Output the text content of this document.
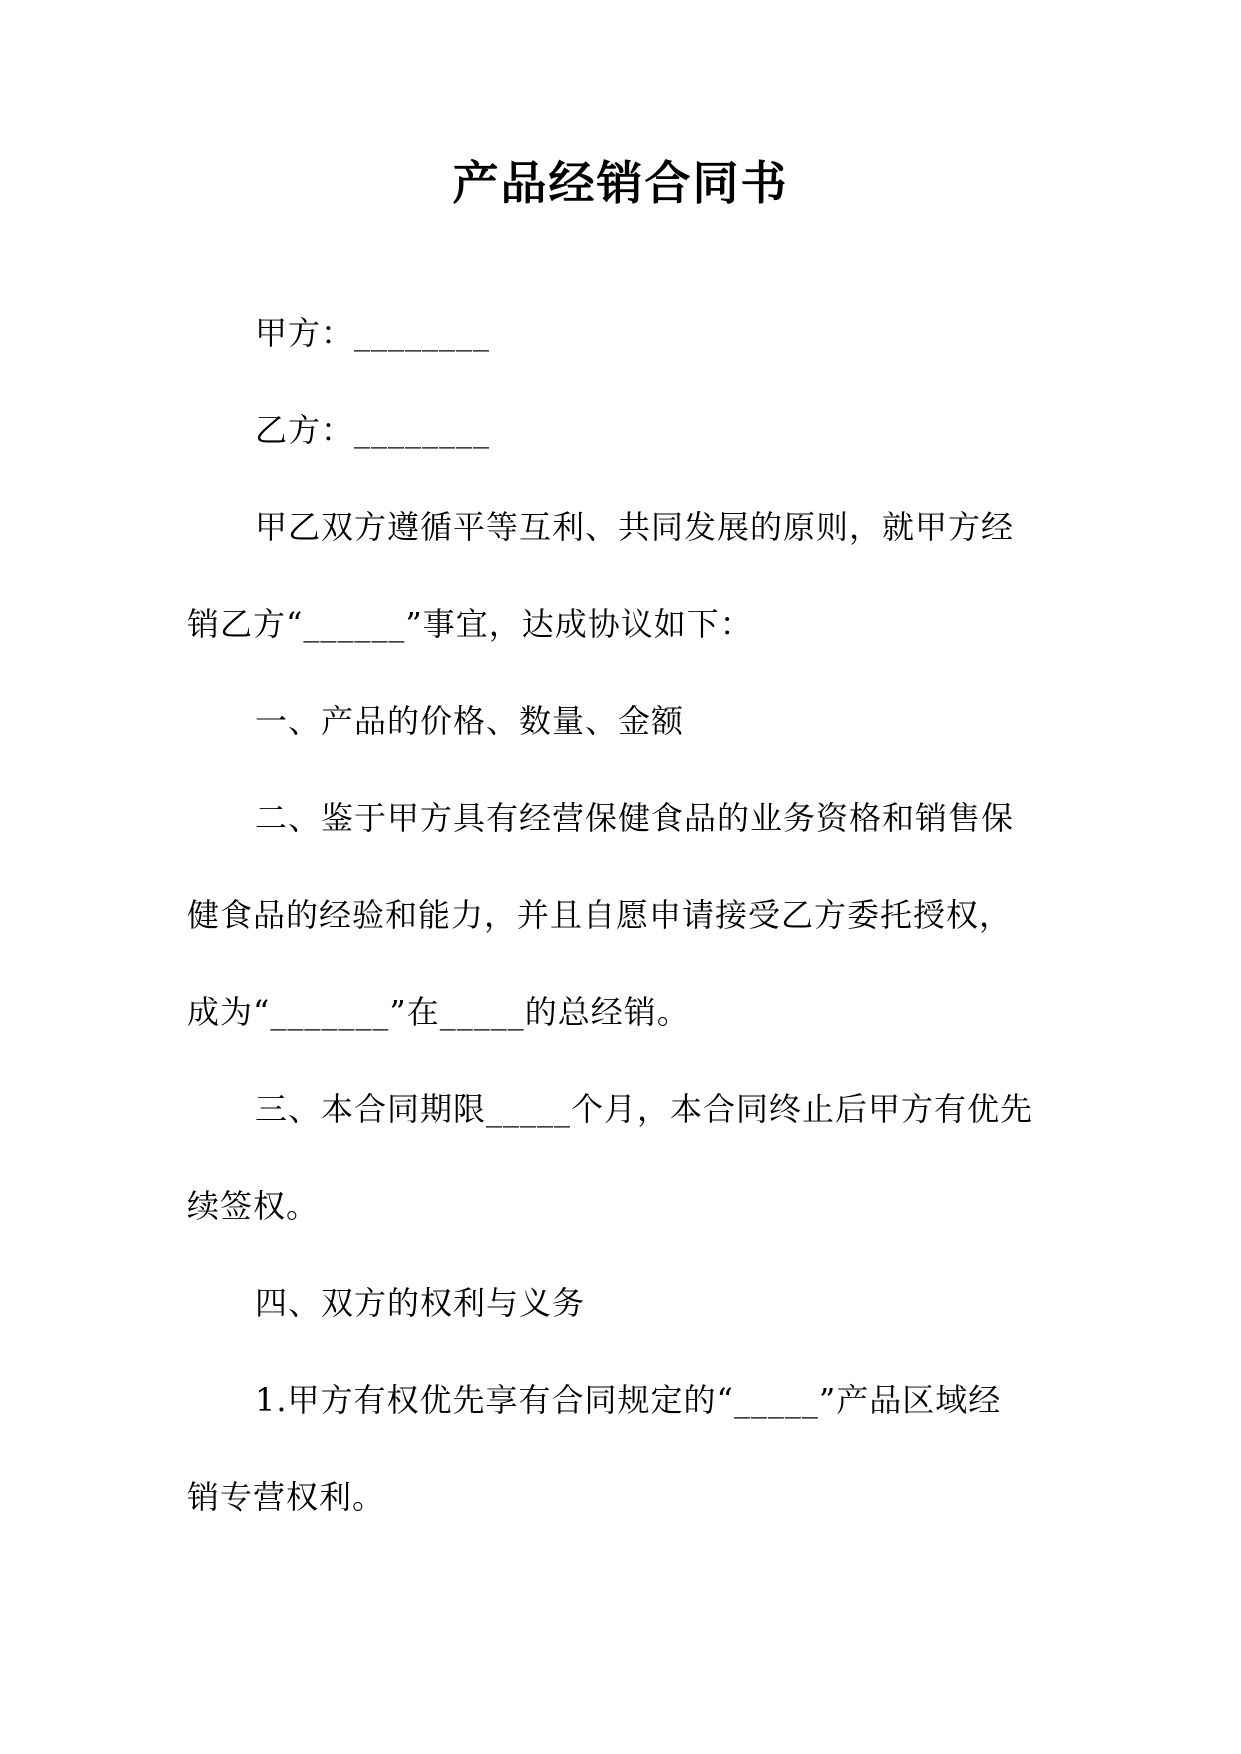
产品经销合同书
甲方：________
乙方：________
甲乙双方遵循平等互利、共同发展的原则，就甲方经
销乙方“______”事宜，达成协议如下：
一、产品的价格、数量、金额
二、鉴于甲方具有经营保健食品的业务资格和销售保
健食品的经验和能力，并且自愿申请接受乙方委托授权，
成为“_______”在_____的总经销。
三、本合同期限_____个月，本合同终止后甲方有优先
续签权。
四、双方的权利与义务
1.甲方有权优先享有合同规定的“_____”产品区域经
销专营权利。
